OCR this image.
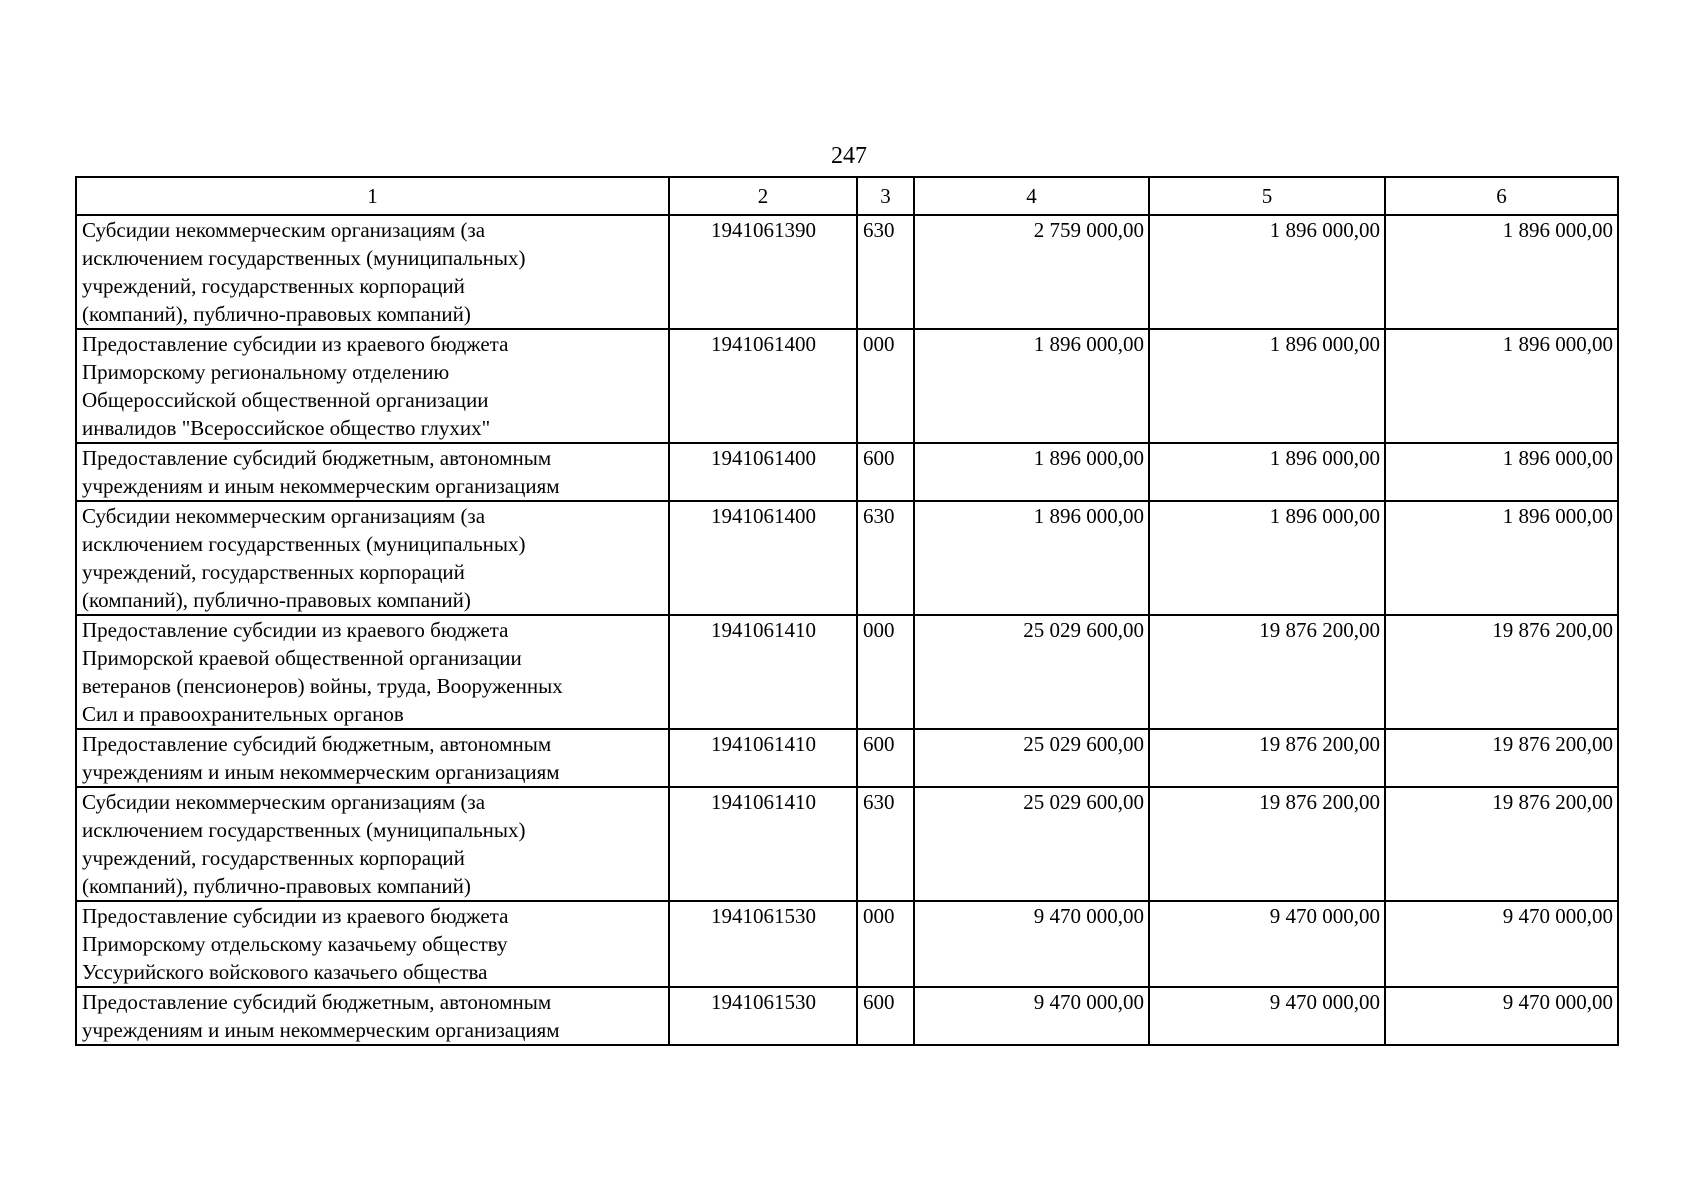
247
1	2	3	4	5	6

Субсидии некоммерческим организациям (за
исключением государственных (муниципальных)
учреждений, государственных корпораций
(компаний), публично-правовых компаний)	1941061390	630	2 759 000,00	1 896 000,00	1 896 000,00

Предоставление субсидии из краевого бюджета
Приморскому региональному отделению
Общероссийской общественной организации
инвалидов "Всероссийское общество глухих"	1941061400	000	1 896 000,00	1 896 000,00	1 896 000,00

Предоставление субсидий бюджетным, автономным
учреждениям и иным некоммерческим организациям	1941061400	600	1 896 000,00	1 896 000,00	1 896 000,00

Субсидии некоммерческим организациям (за
исключением государственных (муниципальных)
учреждений, государственных корпораций
(компаний), публично-правовых компаний)	1941061400	630	1 896 000,00	1 896 000,00	1 896 000,00

Предоставление субсидии из краевого бюджета
Приморской краевой общественной организации
ветеранов (пенсионеров) войны, труда, Вооруженных
Сил и правоохранительных органов	1941061410	000	25 029 600,00	19 876 200,00	19 876 200,00

Предоставление субсидий бюджетным, автономным
учреждениям и иным некоммерческим организациям	1941061410	600	25 029 600,00	19 876 200,00	19 876 200,00

Субсидии некоммерческим организациям (за
исключением государственных (муниципальных)
учреждений, государственных корпораций
(компаний), публично-правовых компаний)	1941061410	630	25 029 600,00	19 876 200,00	19 876 200,00

Предоставление субсидии из краевого бюджета
Приморскому отдельскому казачьему обществу
Уссурийского войскового казачьего общества	1941061530	000	9 470 000,00	9 470 000,00	9 470 000,00

Предоставление субсидий бюджетным, автономным
учреждениям и иным некоммерческим организациям	1941061530	600	9 470 000,00	9 470 000,00	9 470 000,00
